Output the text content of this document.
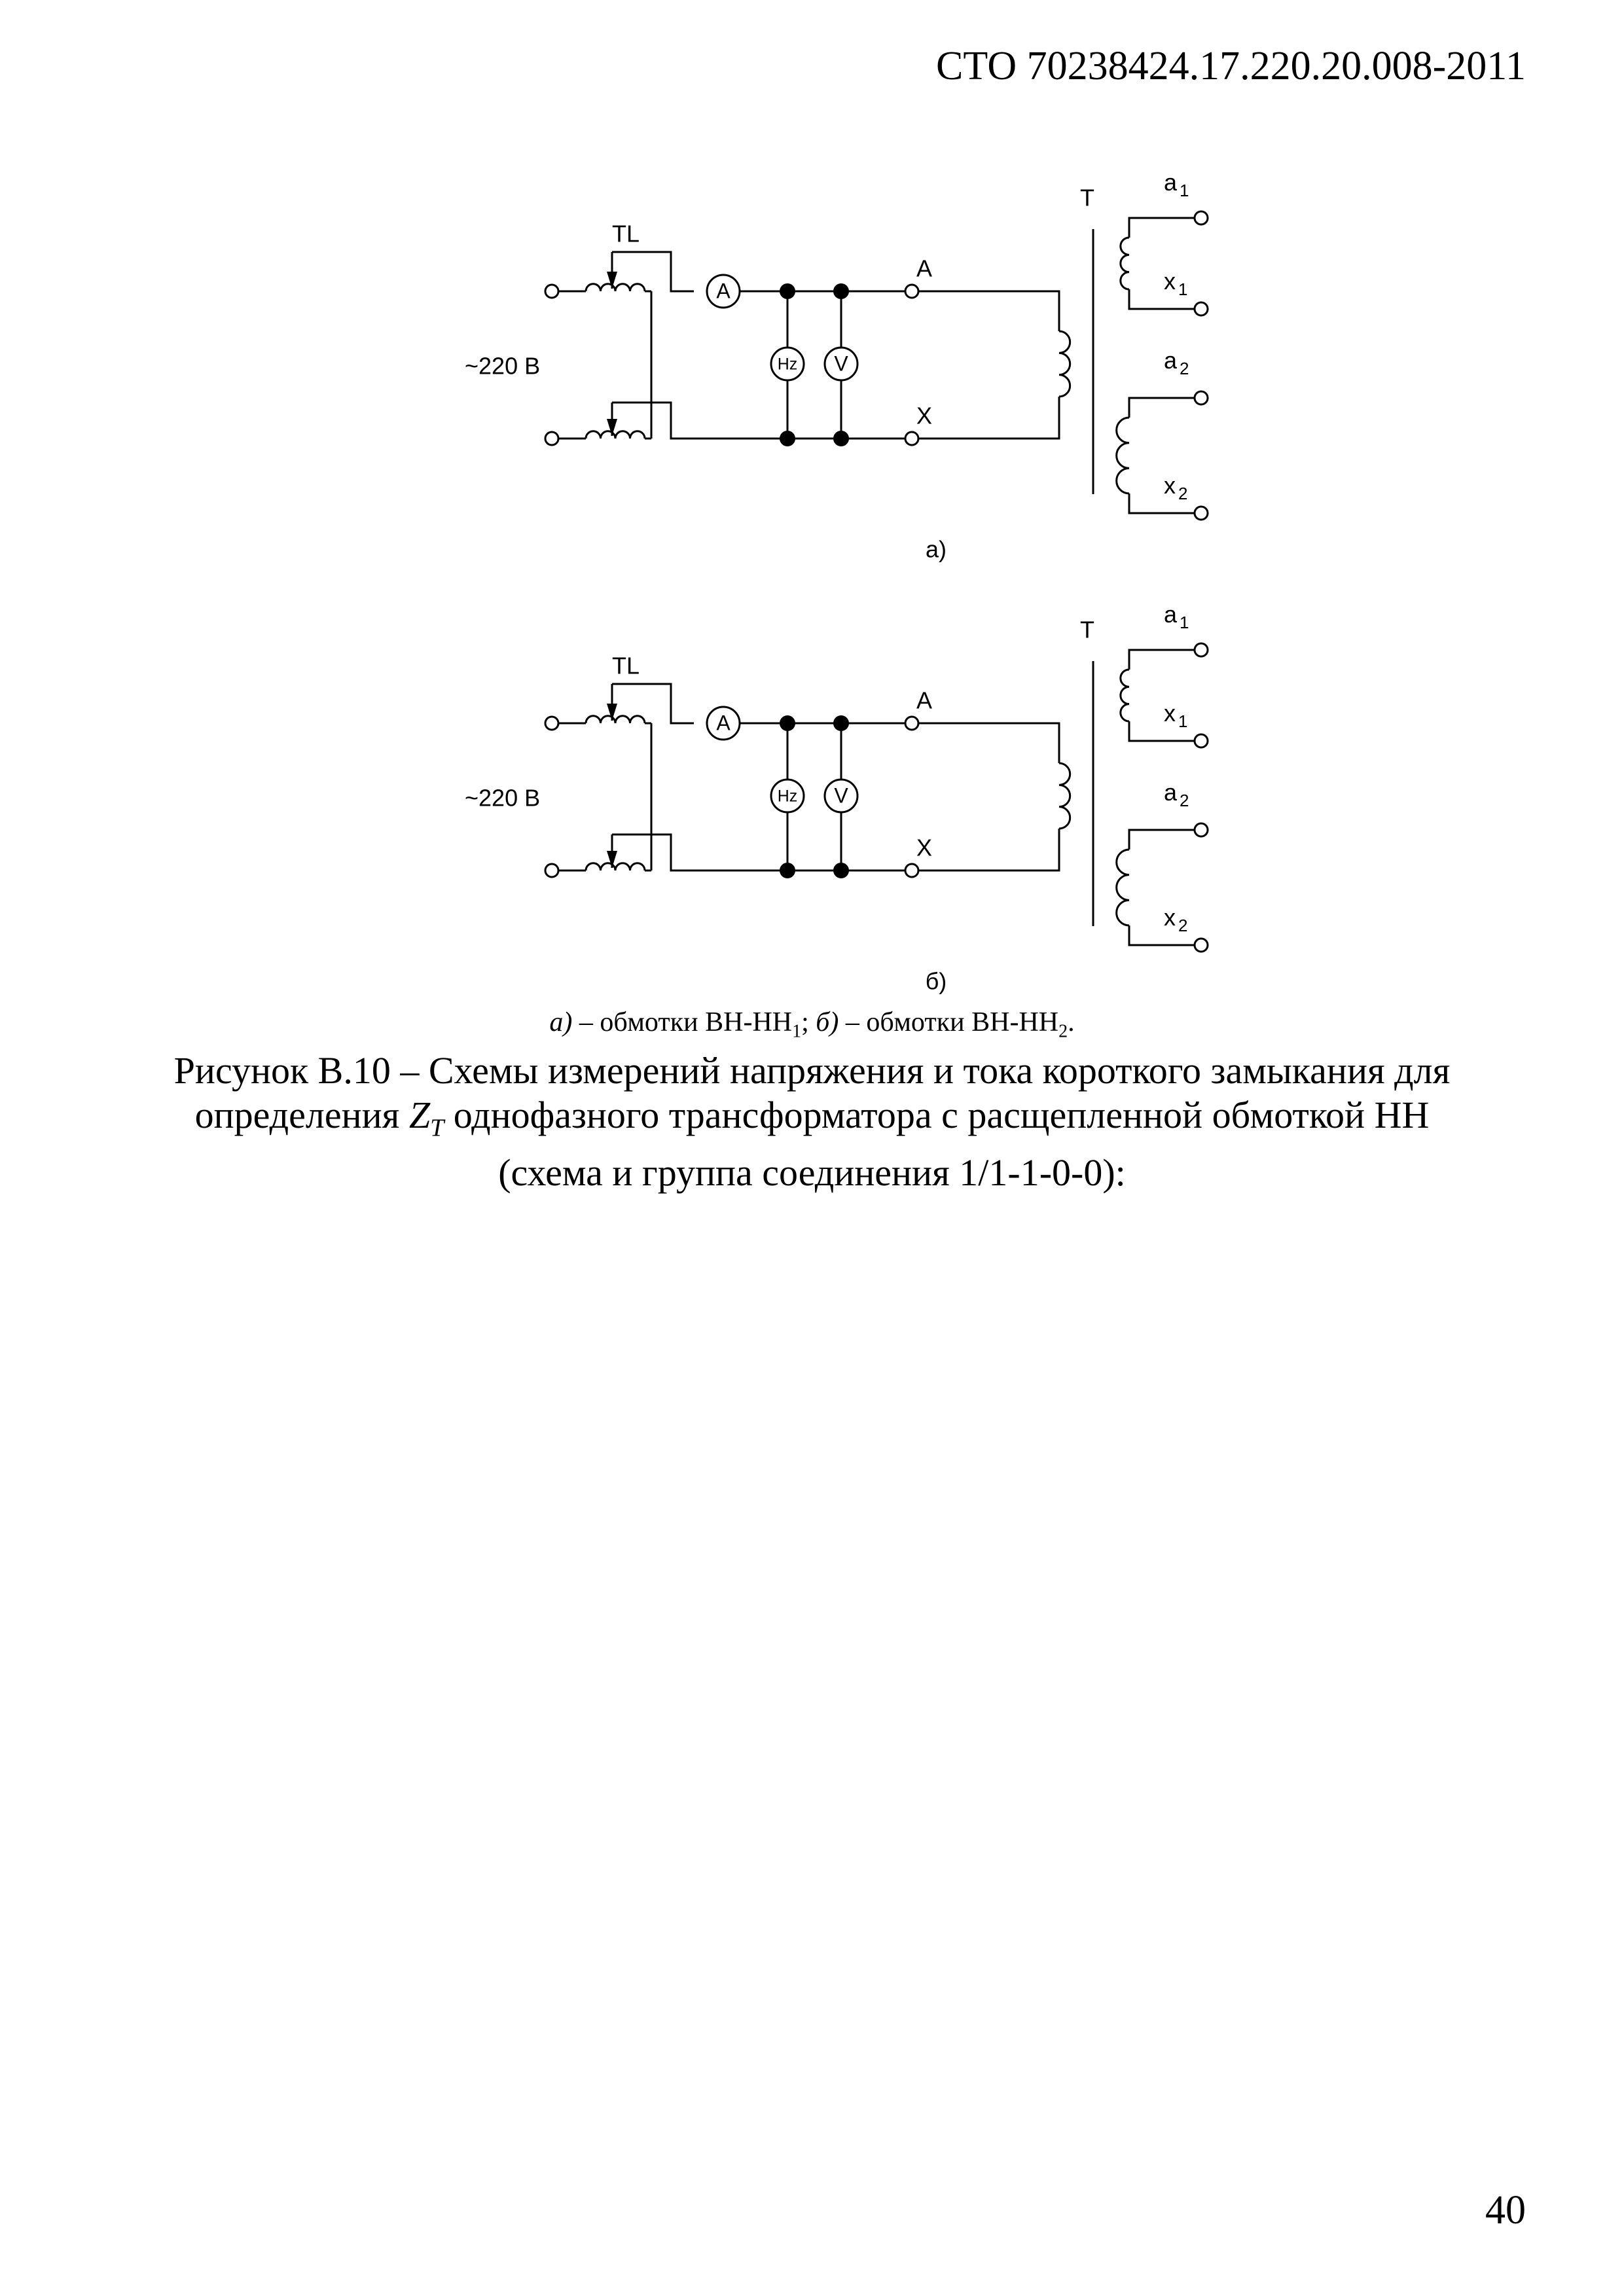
СТО 70238424.17.220.20.008-2011

~220 В
TL
A
Hz V
A
X
T
a $_1$
x $_1$
a $_2$
x $_2$
а)
~220 В
TL
A
Hz V
A
X
T
a $_1$
x $_1$
a $_2$
x $_2$
б)

а) – обмотки $ВН-НН_1$; б) – обмотки $ВН-НН_2$.

Рисунок В.10 – Схемы измерений напряжения и тока короткого замыкания для
определения $Z_T$ однофазного трансформатора с расщепленной обмоткой НН
(схема и группа соединения 1/1-1-0-0):

40
